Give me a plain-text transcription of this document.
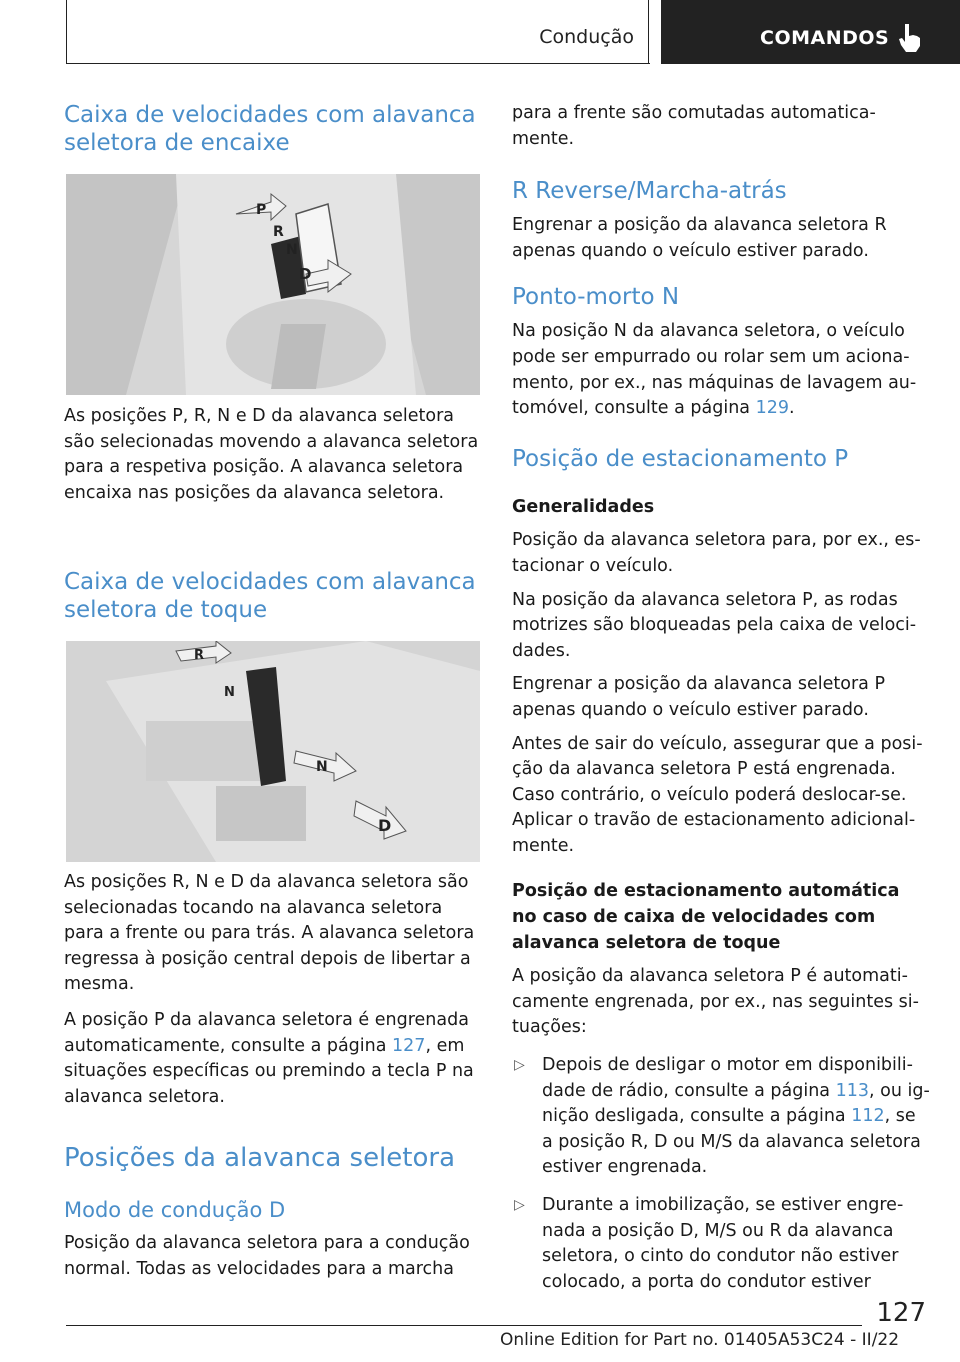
Condução	COMANDOS
Caixa de velocidades com alavanca seletora de encaixe
P
R
N
D

As posições P, R, N e D da alavanca seletora são selecionadas movendo a alavanca seletora para a respetiva posição. A alavanca seletora encaixa nas posições da alavanca seletora.

Caixa de velocidades com alavanca seletora de toque
R
N
N
D

As posições R, N e D da alavanca seletora são selecionadas tocando na alavanca seletora para a frente ou para trás. A alavanca seletora regressa à posição central depois de libertar a mesma.

A posição P da alavanca seletora é engrenada automaticamente, consulte a página 127, em situações específicas ou premindo a tecla P na alavanca seletora.

Posições da alavanca seletora
Modo de condução D

Posição da alavanca seletora para a condução normal. Todas as velocidades para a marcha

para a frente são comutadas automaticamente.

R Reverse/Marcha-atrás

Engrenar a posição da alavanca seletora R apenas quando o veículo estiver parado.

Ponto-morto N

Na posição N da alavanca seletora, o veículo pode ser empurrado ou rolar sem um acionamento, por ex., nas máquinas de lavagem automóvel, consulte a página 129.

Posição de estacionamento P
Generalidades

Posição da alavanca seletora para, por ex., estacionar o veículo.

Na posição da alavanca seletora P, as rodas motrizes são bloqueadas pela caixa de velocidades.

Engrenar a posição da alavanca seletora P apenas quando o veículo estiver parado.

Antes de sair do veículo, assegurar que a posição da alavanca seletora P está engrenada. Caso contrário, o veículo poderá deslocar-se. Aplicar o travão de estacionamento adicionalmente.

Posição de estacionamento automática no caso de caixa de velocidades com alavanca seletora de toque

A posição da alavanca seletora P é automaticamente engrenada, por ex., nas seguintes situações:

▷ Depois de desligar o motor em disponibilidade de rádio, consulte a página 113, ou ignição desligada, consulte a página 112, se a posição R, D ou M/S da alavanca seletora estiver engrenada.
▷ Durante a imobilização, se estiver engrenada a posição D, M/S ou R da alavanca seletora, o cinto do condutor não estiver colocado, a porta do condutor estiver
127
Online Edition for Part no. 01405A53C24 - II/22
